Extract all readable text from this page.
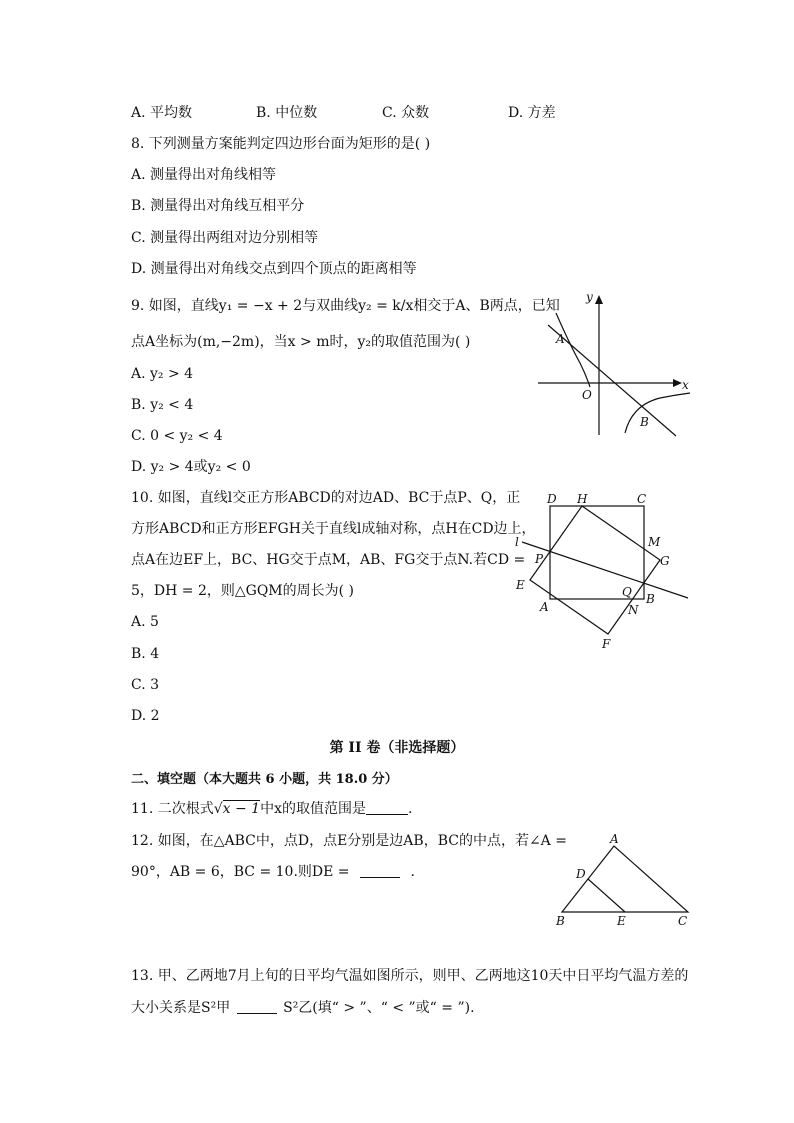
A. 平均数	B. 中位数	C. 众数	D. 方差
8. 下列测量方案能判定四边形台面为矩形的是( )
A. 测量得出对角线相等
B. 测量得出对角线互相平分
C. 测量得出两组对边分别相等
D. 测量得出对角线交点到四个顶点的距离相等
9. 如图，直线y₁ = −x + 2与双曲线y₂ = k/x相交于A、B两点，已知
点A坐标为(m,−2m)，当x > m时，y₂的取值范围为( )
A. y₂ > 4
B. y₂ < 4
C. 0 < y₂ < 4
D. y₂ > 4或y₂ < 0
y
x
O
A
B
10. 如图，直线l交正方形ABCD的对边AD、BC于点P、Q，正
方形ABCD和正方形EFGH关于直线l成轴对称，点H在CD边上，
点A在边EF上，BC、HG交于点M，AB、FG交于点N.若CD =
5，DH = 2，则△GQM的周长为( )
A. 5
B. 4
C. 3
D. 2
D H	C
M
l
P	G
E	Q B
A	N
F
第 II 卷（非选择题）
二、填空题（本大题共 6 小题，共 18.0 分）
11. 二次根式√x − 1中x的取值范围是	.
12. 如图，在△ABC中，点D，点E分别是边AB，BC的中点，若∠A =
90°，AB = 6，BC = 10.则DE =	.
A
D
B	E	C
13. 甲、乙两地7月上旬的日平均气温如图所示，则甲、乙两地这10天中日平均气温方差的
大小关系是S²甲	S²乙(填“ > ”、“ < ”或“ = ”).
